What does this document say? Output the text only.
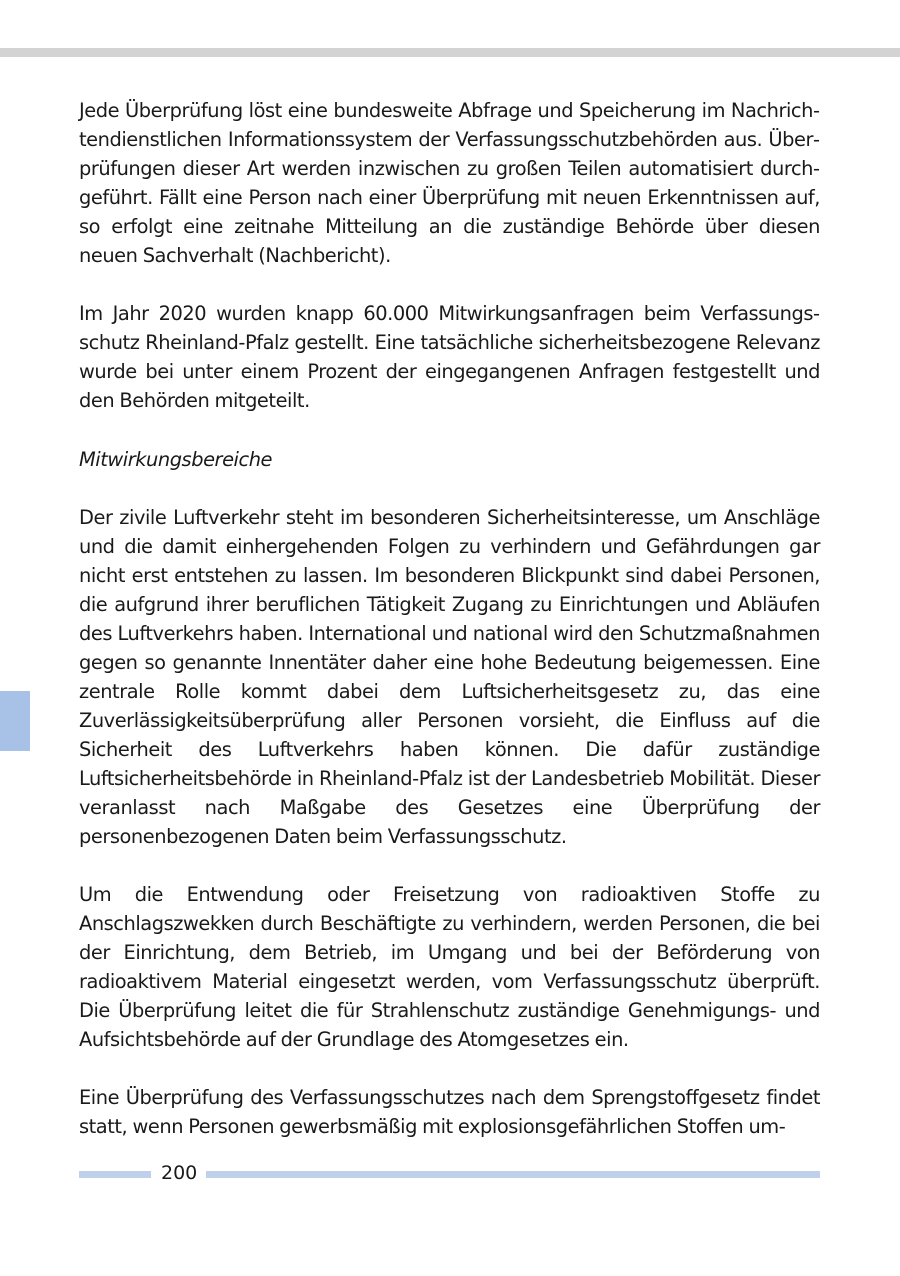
Jede Überprüfung löst eine bundesweite Abfrage und Speicherung im Nachrichtendienstlichen Informationssystem der Verfassungsschutzbehörden aus. Überprüfungen dieser Art werden inzwischen zu großen Teilen automatisiert durchgeführt. Fällt eine Person nach einer Überprüfung mit neuen Erkenntnissen auf, so erfolgt eine zeitnahe Mitteilung an die zuständige Behörde über diesen neuen Sachverhalt (Nachbericht).

Im Jahr 2020 wurden knapp 60.000 Mitwirkungsanfragen beim Verfassungsschutz Rheinland-Pfalz gestellt. Eine tatsächliche sicherheitsbezogene Relevanz wurde bei unter einem Prozent der eingegangenen Anfragen festgestellt und den Behörden mitgeteilt.

Mitwirkungsbereiche

Der zivile Luftverkehr steht im besonderen Sicherheitsinteresse, um Anschläge und die damit einhergehenden Folgen zu verhindern und Gefährdungen gar nicht erst entstehen zu lassen. Im besonderen Blickpunkt sind dabei Personen, die aufgrund ihrer beruflichen Tätigkeit Zugang zu Einrichtungen und Abläufen des Luftverkehrs haben. International und national wird den Schutzmaßnahmen gegen so genannte Innentäter daher eine hohe Bedeutung beigemessen. Eine zentrale Rolle kommt dabei dem Luftsicherheitsgesetz zu, das eine Zuverlässigkeitsüberprüfung aller Personen vorsieht, die Einfluss auf die Sicherheit des Luftverkehrs haben können. Die dafür zuständige Luftsicherheitsbehörde in Rheinland-Pfalz ist der Landesbetrieb Mobilität. Dieser veranlasst nach Maßgabe des Gesetzes eine Überprüfung der personenbezogenen Daten beim Verfassungsschutz.

Um die Entwendung oder Freisetzung von radioaktiven Stoffe zu Anschlagszwekken durch Beschäftigte zu verhindern, werden Personen, die bei der Einrichtung, dem Betrieb, im Umgang und bei der Beförderung von radioaktivem Material eingesetzt werden, vom Verfassungsschutz überprüft. Die Überprüfung leitet die für Strahlenschutz zuständige Genehmigungs- und Aufsichtsbehörde auf der Grundlage des Atomgesetzes ein.

Eine Überprüfung des Verfassungsschutzes nach dem Sprengstoffgesetz findet statt, wenn Personen gewerbsmäßig mit explosionsgefährlichen Stoffen um-

200
